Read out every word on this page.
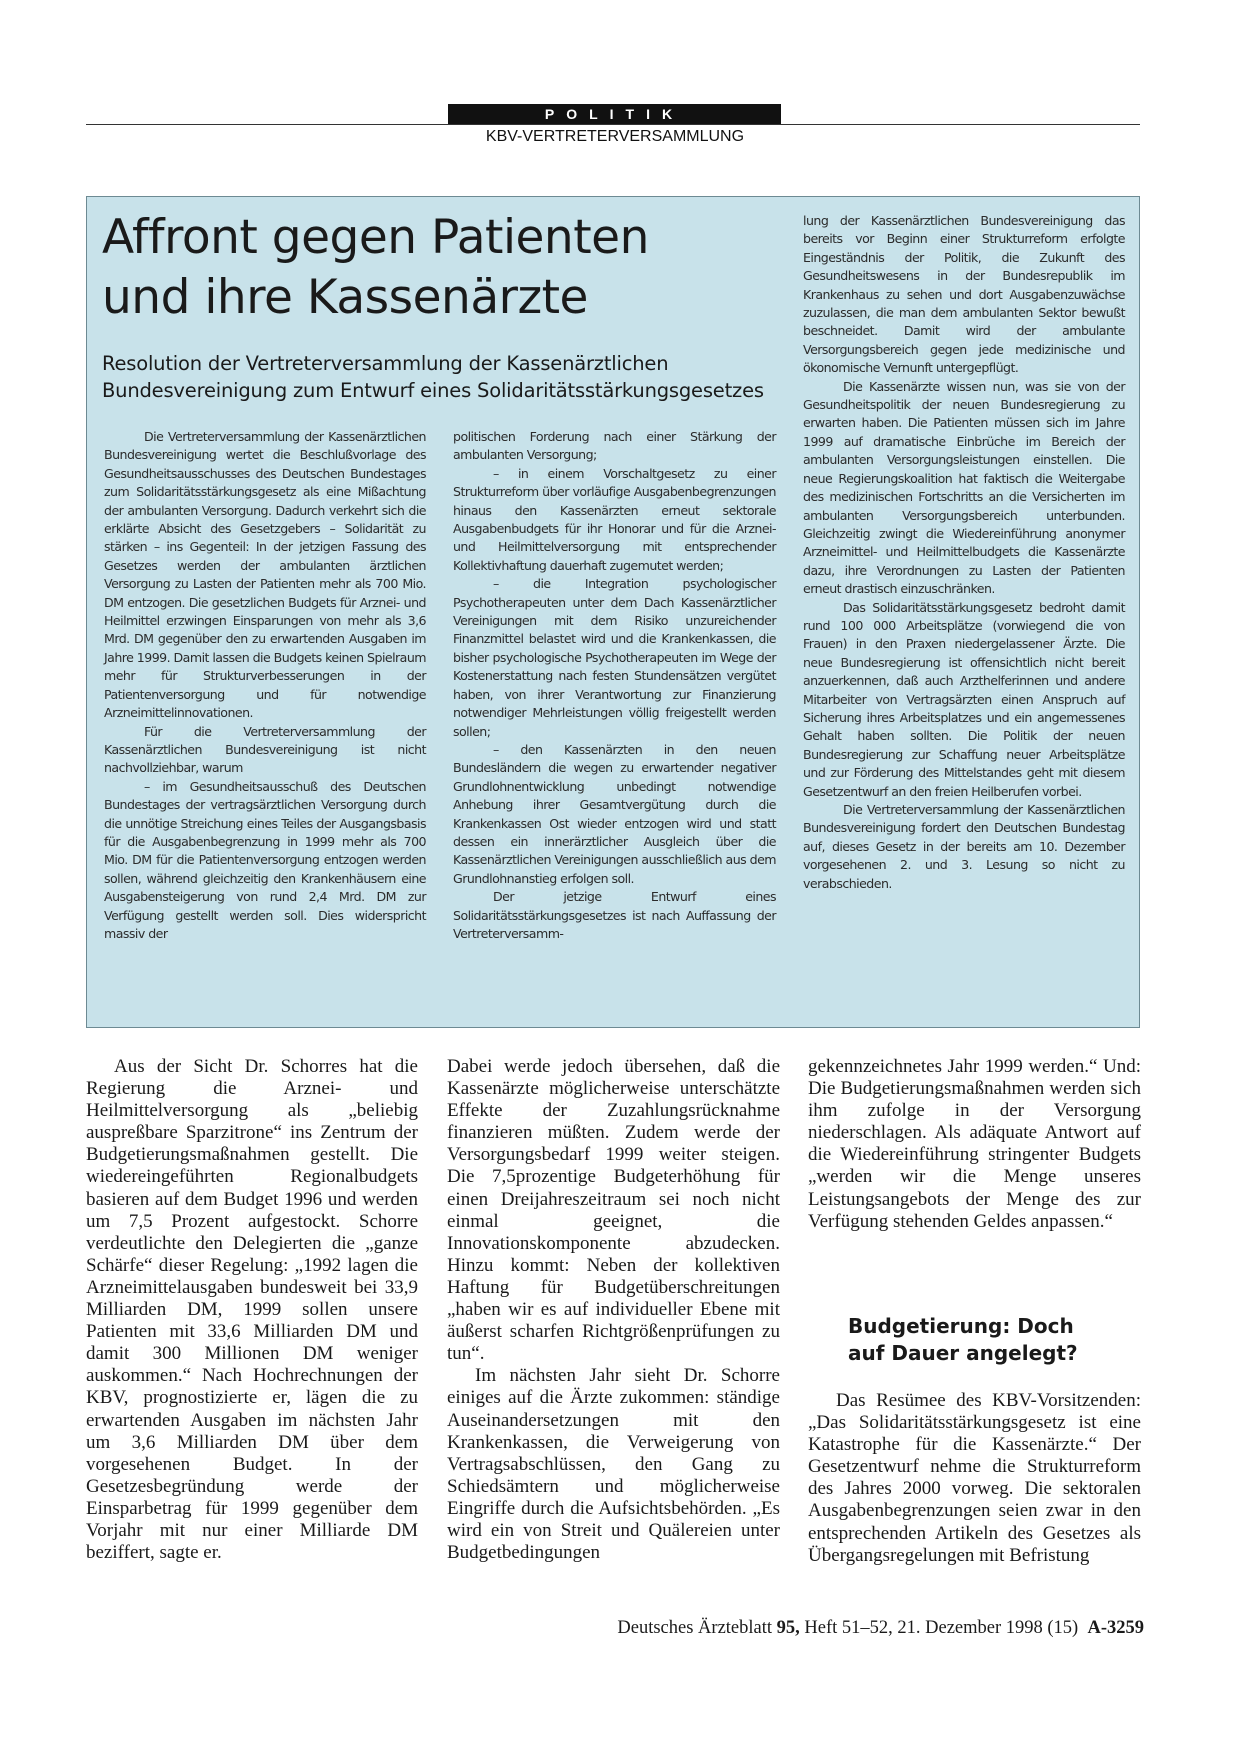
POLITIK
KBV-VERTRETERVERSAMMLUNG
Affront gegen Patienten
und ihre Kassenärzte
Resolution der Vertreterversammlung der Kassenärztlichen
Bundesvereinigung zum Entwurf eines Solidaritätsstärkungsgesetzes

Die Vertreterversammlung der Kassenärztlichen Bundesvereinigung wertet die Beschlußvorlage des Gesundheitsausschusses des Deutschen Bundestages zum Solidaritätsstärkungsgesetz als eine Mißachtung der ambulanten Versorgung. Dadurch verkehrt sich die erklärte Absicht des Gesetzgebers – Solidarität zu stärken – ins Gegenteil: In der jetzigen Fassung des Gesetzes werden der ambulanten ärztlichen Versorgung zu Lasten der Patienten mehr als 700 Mio. DM entzogen. Die gesetzlichen Budgets für Arznei- und Heilmittel erzwingen Einsparungen von mehr als 3,6 Mrd. DM gegenüber den zu erwartenden Ausgaben im Jahre 1999. Damit lassen die Budgets keinen Spielraum mehr für Strukturverbesserungen in der Patientenversorgung und für notwendige Arzneimittelinnovationen.

Für die Vertreterversammlung der Kassenärztlichen Bundesvereinigung ist nicht nachvollziehbar, warum

– im Gesundheitsausschuß des Deutschen Bundestages der vertragsärztlichen Versorgung durch die unnötige Streichung eines Teiles der Ausgangsbasis für die Ausgabenbegrenzung in 1999 mehr als 700 Mio. DM für die Patientenversorgung entzogen werden sollen, während gleichzeitig den Krankenhäusern eine Ausgabensteigerung von rund 2,4 Mrd. DM zur Verfügung gestellt werden soll. Dies widerspricht massiv der

politischen Forderung nach einer Stärkung der ambulanten Versorgung;

– in einem Vorschaltgesetz zu einer Strukturreform über vorläufige Ausgabenbegrenzungen hinaus den Kassenärzten erneut sektorale Ausgabenbudgets für ihr Honorar und für die Arznei- und Heilmittelversorgung mit entsprechender Kollektivhaftung dauerhaft zugemutet werden;

– die Integration psychologischer Psychotherapeuten unter dem Dach Kassenärztlicher Vereinigungen mit dem Risiko unzureichender Finanzmittel belastet wird und die Krankenkassen, die bisher psychologische Psychotherapeuten im Wege der Kostenerstattung nach festen Stundensätzen vergütet haben, von ihrer Verantwortung zur Finanzierung notwendiger Mehrleistungen völlig freigestellt werden sollen;

– den Kassenärzten in den neuen Bundesländern die wegen zu erwartender negativer Grundlohnentwicklung unbedingt notwendige Anhebung ihrer Gesamtvergütung durch die Krankenkassen Ost wieder entzogen wird und statt dessen ein innerärztlicher Ausgleich über die Kassenärztlichen Vereinigungen ausschließlich aus dem Grundlohnanstieg erfolgen soll.

Der jetzige Entwurf eines Solidaritätsstärkungsgesetzes ist nach Auffassung der Vertreterversamm-

lung der Kassenärztlichen Bundesvereinigung das bereits vor Beginn einer Strukturreform erfolgte Eingeständnis der Politik, die Zukunft des Gesundheitswesens in der Bundesrepublik im Krankenhaus zu sehen und dort Ausgabenzuwächse zuzulassen, die man dem ambulanten Sektor bewußt beschneidet. Damit wird der ambulante Versorgungsbereich gegen jede medizinische und ökonomische Vernunft untergepflügt.

Die Kassenärzte wissen nun, was sie von der Gesundheitspolitik der neuen Bundesregierung zu erwarten haben. Die Patienten müssen sich im Jahre 1999 auf dramatische Einbrüche im Bereich der ambulanten Versorgungsleistungen einstellen. Die neue Regierungskoalition hat faktisch die Weitergabe des medizinischen Fortschritts an die Versicherten im ambulanten Versorgungsbereich unterbunden. Gleichzeitig zwingt die Wiedereinführung anonymer Arzneimittel- und Heilmittelbudgets die Kassenärzte dazu, ihre Verordnungen zu Lasten der Patienten erneut drastisch einzuschränken.

Das Solidaritätsstärkungsgesetz bedroht damit rund 100 000 Arbeitsplätze (vorwiegend die von Frauen) in den Praxen niedergelassener Ärzte. Die neue Bundesregierung ist offensichtlich nicht bereit anzuerkennen, daß auch Arzthelferinnen und andere Mitarbeiter von Vertragsärzten einen Anspruch auf Sicherung ihres Arbeitsplatzes und ein angemessenes Gehalt haben sollten. Die Politik der neuen Bundesregierung zur Schaffung neuer Arbeitsplätze und zur Förderung des Mittelstandes geht mit diesem Gesetzentwurf an den freien Heilberufen vorbei.

Die Vertreterversammlung der Kassenärztlichen Bundesvereinigung fordert den Deutschen Bundestag auf, dieses Gesetz in der bereits am 10. Dezember vorgesehenen 2. und 3. Lesung so nicht zu verabschieden.

Aus der Sicht Dr. Schorres hat die Regierung die Arznei- und Heilmittelversorgung als „beliebig auspreßbare Sparzitrone“ ins Zentrum der Budgetierungsmaßnahmen gestellt. Die wiedereingeführten Regionalbudgets basieren auf dem Budget 1996 und werden um 7,5 Prozent aufgestockt. Schorre verdeutlichte den Delegierten die „ganze Schärfe“ dieser Regelung: „1992 lagen die Arzneimittelausgaben bundesweit bei 33,9 Milliarden DM, 1999 sollen unsere Patienten mit 33,6 Milliarden DM und damit 300 Millionen DM weniger auskommen.“ Nach Hochrechnungen der KBV, prognostizierte er, lägen die zu erwartenden Ausgaben im nächsten Jahr um 3,6 Milliarden DM über dem vorgesehenen Budget. In der Gesetzesbegründung werde der Einsparbetrag für 1999 gegenüber dem Vorjahr mit nur einer Milliarde DM beziffert, sagte er.

Dabei werde jedoch übersehen, daß die Kassenärzte möglicherweise unterschätzte Effekte der Zuzahlungsrücknahme finanzieren müßten. Zudem werde der Versorgungsbedarf 1999 weiter steigen. Die 7,5prozentige Budgeterhöhung für einen Dreijahreszeitraum sei noch nicht einmal geeignet, die Innovationskomponente abzudecken. Hinzu kommt: Neben der kollektiven Haftung für Budgetüberschreitungen „haben wir es auf individueller Ebene mit äußerst scharfen Richtgrößenprüfungen zu tun“.

Im nächsten Jahr sieht Dr. Schorre einiges auf die Ärzte zukommen: ständige Auseinandersetzungen mit den Krankenkassen, die Verweigerung von Vertragsabschlüssen, den Gang zu Schiedsämtern und möglicherweise Eingriffe durch die Aufsichtsbehörden. „Es wird ein von Streit und Quälereien unter Budgetbedingungen

gekennzeichnetes Jahr 1999 werden.“ Und: Die Budgetierungsmaßnahmen werden sich ihm zufolge in der Versorgung niederschlagen. Als adäquate Antwort auf die Wiedereinführung stringenter Budgets „werden wir die Menge unseres Leistungsangebots der Menge des zur Verfügung stehenden Geldes anpassen.“

Budgetierung: Doch
auf Dauer angelegt?

Das Resümee des KBV-Vorsitzenden: „Das Solidaritätsstärkungsgesetz ist eine Katastrophe für die Kassenärzte.“ Der Gesetzentwurf nehme die Strukturreform des Jahres 2000 vorweg. Die sektoralen Ausgabenbegrenzungen seien zwar in den entsprechenden Artikeln des Gesetzes als Übergangsregelungen mit Befristung

Deutsches Ärzteblatt 95, Heft 51–52, 21. Dezember 1998 (15) A-3259
